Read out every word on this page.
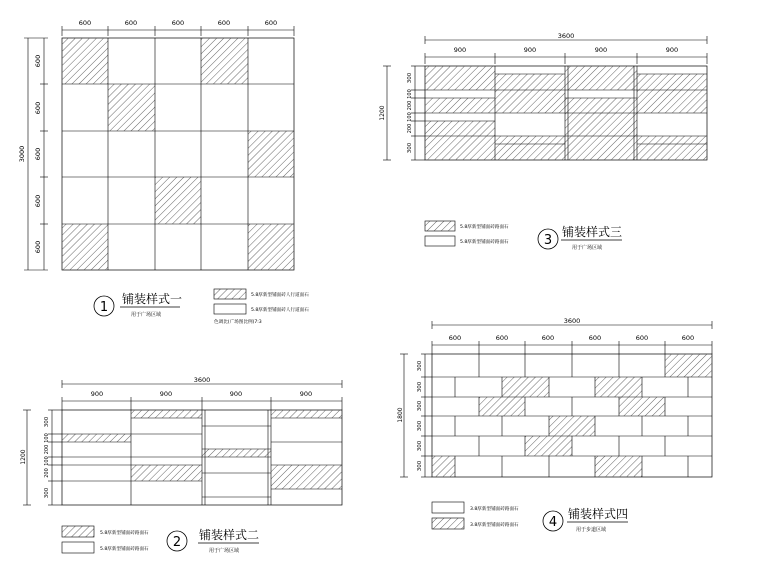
600	600	600	600	600
600
600
600
600
600
3000
1
铺装样式一
用于广场区域
5.8厚新型铺面砖人行道面石
5.8厚新型铺面砖人行道面石
色调比(广场图比例)7:3
3600
900	900	900	900
1200
300
100
200
100
200
300
5.8厚新型铺面砖路面石
5.8厚新型铺面砖路面石	3
铺装样式三
用于广场区域
3600
900	900	900	900
1200
300
100
200
100
200
300
5.8厚新型铺面砖路面石
5.8厚新型铺面砖路面石 2 铺装样式二
用于广场区域
3600
600	600	600	600	600	600
1800
300
300
300
300
300
300
3.8厚新型铺面砖路面石
3.8厚新型铺面砖路面石 4
铺装样式四
用于步道区域
